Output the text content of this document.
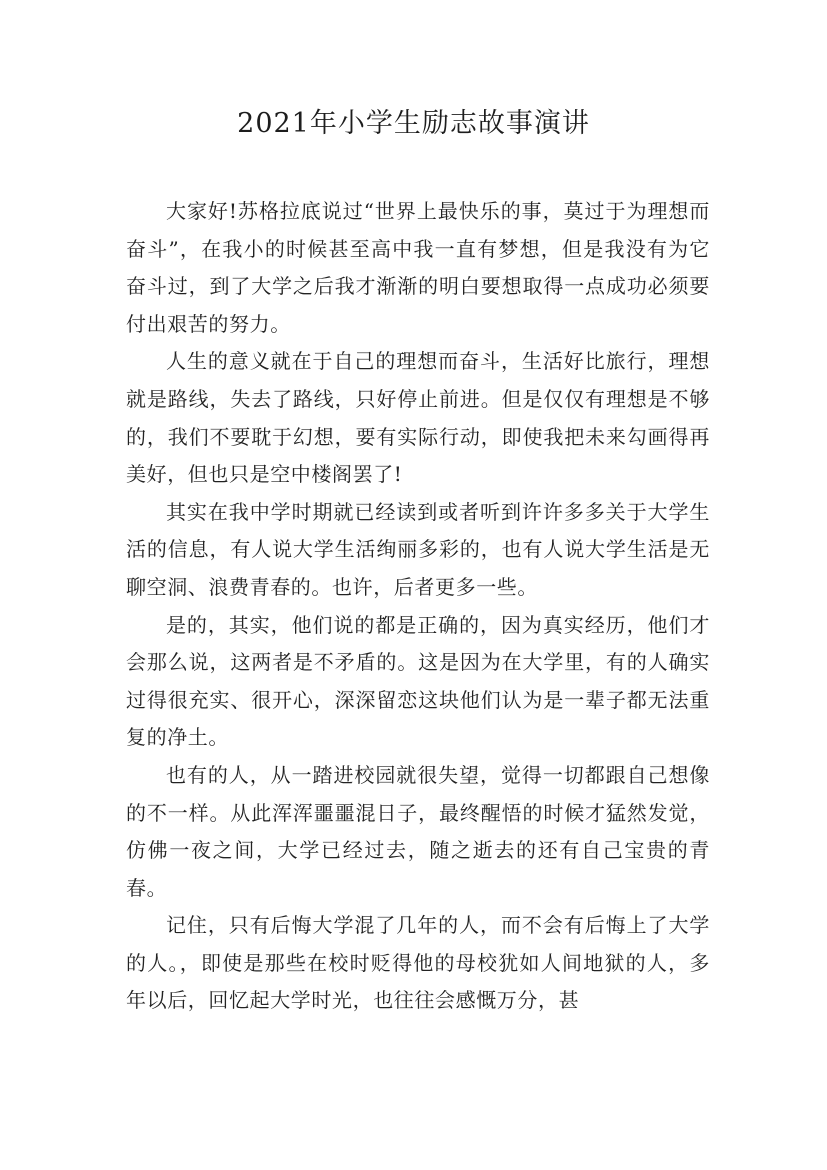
2021年小学生励志故事演讲

大家好!苏格拉底说过“世界上最快乐的事，莫过于为理想而奋斗”，在我小的时候甚至高中我一直有梦想，但是我没有为它奋斗过，到了大学之后我才渐渐的明白要想取得一点成功必须要付出艰苦的努力。

人生的意义就在于自己的理想而奋斗，生活好比旅行，理想就是路线，失去了路线，只好停止前进。但是仅仅有理想是不够的，我们不要耽于幻想，要有实际行动，即使我把未来勾画得再美好，但也只是空中楼阁罢了!

其实在我中学时期就已经读到或者听到许许多多关于大学生活的信息，有人说大学生活绚丽多彩的，也有人说大学生活是无聊空洞、浪费青春的。也许，后者更多一些。

是的，其实，他们说的都是正确的，因为真实经历，他们才会那么说，这两者是不矛盾的。这是因为在大学里，有的人确实过得很充实、很开心，深深留恋这块他们认为是一辈子都无法重复的净土。

也有的人，从一踏进校园就很失望，觉得一切都跟自己想像的不一样。从此浑浑噩噩混日子，最终醒悟的时候才猛然发觉，仿佛一夜之间，大学已经过去，随之逝去的还有自己宝贵的青春。

记住，只有后悔大学混了几年的人，而不会有后悔上了大学的人。，即使是那些在校时贬得他的母校犹如人间地狱的人，多年以后，回忆起大学时光，也往往会感慨万分，甚
